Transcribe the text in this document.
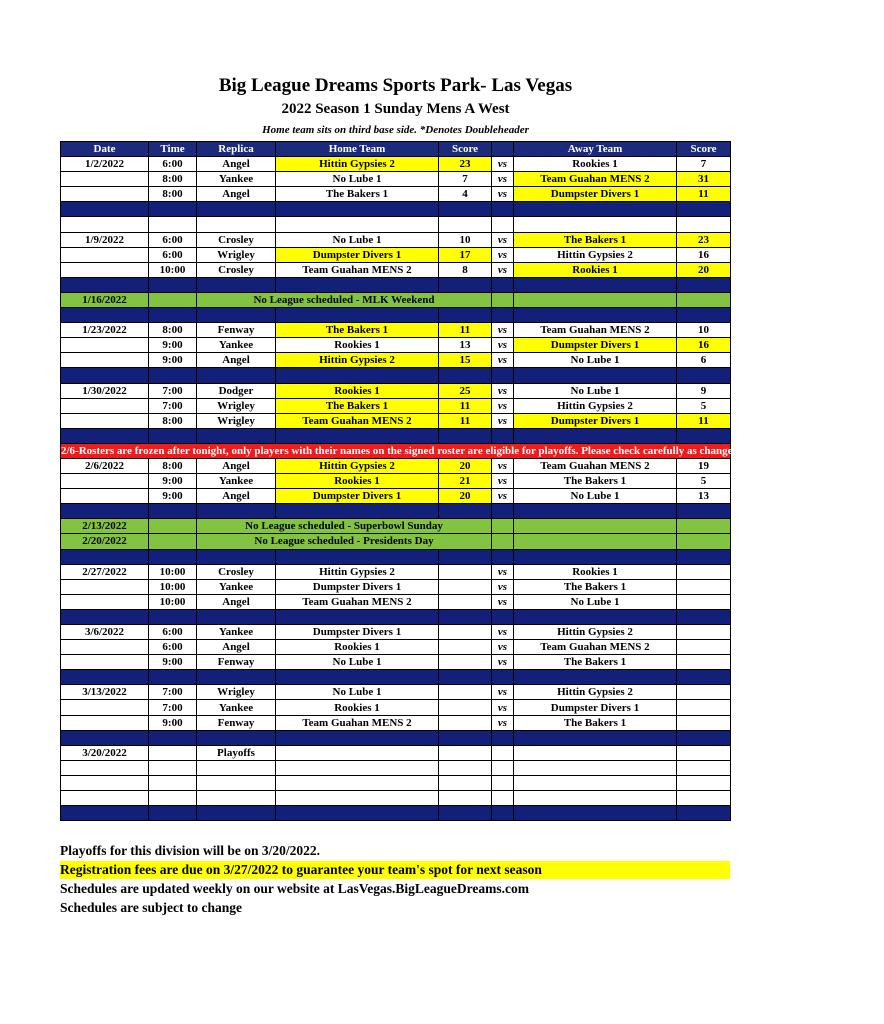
Big League Dreams Sports Park- Las Vegas
2022 Season 1 Sunday Mens A West
Home team sits on third base side. *Denotes Doubleheader
Date	Time	Replica	Home Team	Score		Away Team	Score
1/2/2022	6:00	Angel	Hittin Gypsies 2	23	vs	Rookies 1	7
	8:00	Yankee	No Lube 1	7	vs	Team Guahan MENS 2	31
	8:00	Angel	The Bakers 1	4	vs	Dumpster Divers 1	11

1/9/2022	6:00	Crosley	No Lube 1	10	vs	The Bakers 1	23
	6:00	Wrigley	Dumpster Divers 1	17	vs	Hittin Gypsies 2	16
	10:00	Crosley	Team Guahan MENS 2	8	vs	Rookies 1	20

1/16/2022		No League scheduled - MLK Weekend					

1/23/2022	8:00	Fenway	The Bakers 1	11	vs	Team Guahan MENS 2	10
	9:00	Yankee	Rookies 1	13	vs	Dumpster Divers 1	16
	9:00	Angel	Hittin Gypsies 2	15	vs	No Lube 1	6

1/30/2022	7:00	Dodger	Rookies 1	25	vs	No Lube 1	9
	7:00	Wrigley	The Bakers 1	11	vs	Hittin Gypsies 2	5
	8:00	Wrigley	Team Guahan MENS 2	11	vs	Dumpster Divers 1	11

2/6-Rosters are frozen after tonight, only players with their names on the signed roster are eligible for playoffs. Please check carefully as changes will not be made for omissions.							
2/6/2022	8:00	Angel	Hittin Gypsies 2	20	vs	Team Guahan MENS 2	19
	9:00	Yankee	Rookies 1	21	vs	The Bakers 1	5
	9:00	Angel	Dumpster Divers 1	20	vs	No Lube 1	13

2/13/2022		No League scheduled - Superbowl Sunday					
2/20/2022		No League scheduled - Presidents Day					

2/27/2022	10:00	Crosley	Hittin Gypsies 2		vs	Rookies 1	
	10:00	Yankee	Dumpster Divers 1		vs	The Bakers 1	
	10:00	Angel	Team Guahan MENS 2		vs	No Lube 1	

3/6/2022	6:00	Yankee	Dumpster Divers 1		vs	Hittin Gypsies 2	
	6:00	Angel	Rookies 1		vs	Team Guahan MENS 2	
	9:00	Fenway	No Lube 1		vs	The Bakers 1	

3/13/2022	7:00	Wrigley	No Lube 1		vs	Hittin Gypsies 2	
	7:00	Yankee	Rookies 1		vs	Dumpster Divers 1	
	9:00	Fenway	Team Guahan MENS 2		vs	The Bakers 1	

3/20/2022		Playoffs					

Playoffs for this division will be on 3/20/2022.
Registration fees are due on 3/27/2022 to guarantee your team's spot for next season
Schedules are updated weekly on our website at LasVegas.BigLeagueDreams.com
Schedules are subject to change
